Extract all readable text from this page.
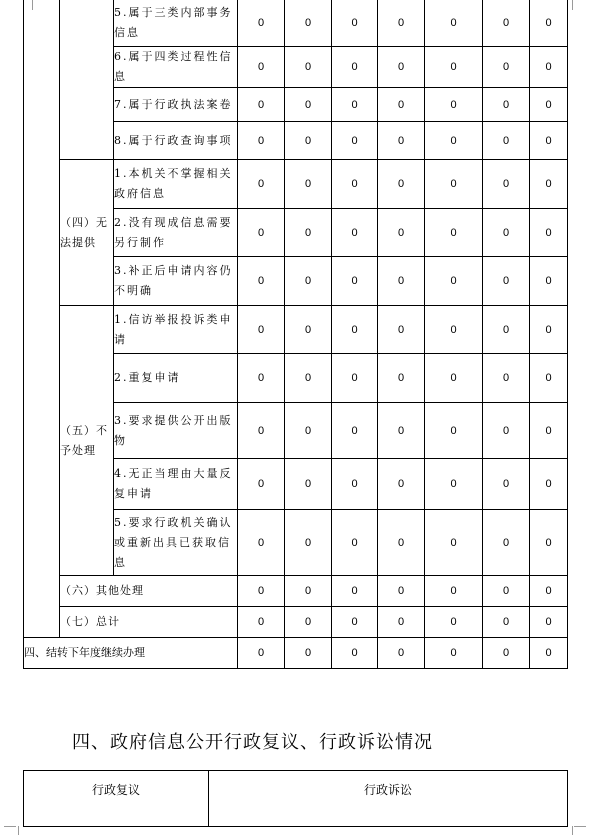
		5.属于三类内部事务信息	0	0	0	0	0	0	0
		6.属于四类过程性信息	0	0	0	0	0	0	0
		7.属于行政执法案卷	0	0	0	0	0	0	0
		8.属于行政查询事项	0	0	0	0	0	0	0
	（四）无法提供	1.本机关不掌握相关政府信息	0	0	0	0	0	0	0
		2.没有现成信息需要另行制作	0	0	0	0	0	0	0
		3.补正后申请内容仍不明确	0	0	0	0	0	0	0
	（五）不予处理	1.信访举报投诉类申请	0	0	0	0	0	0	0
		2.重复申请	0	0	0	0	0	0	0
		3.要求提供公开出版物	0	0	0	0	0	0	0
		4.无正当理由大量反复申请	0	0	0	0	0	0	0
		5.要求行政机关确认或重新出具已获取信息	0	0	0	0	0	0	0
	（六）其他处理		0	0	0	0	0	0	0
	（七）总计		0	0	0	0	0	0	0
四、结转下年度继续办理			0	0	0	0	0	0	0
四、政府信息公开行政复议、行政诉讼情况
行政复议	行政诉讼
